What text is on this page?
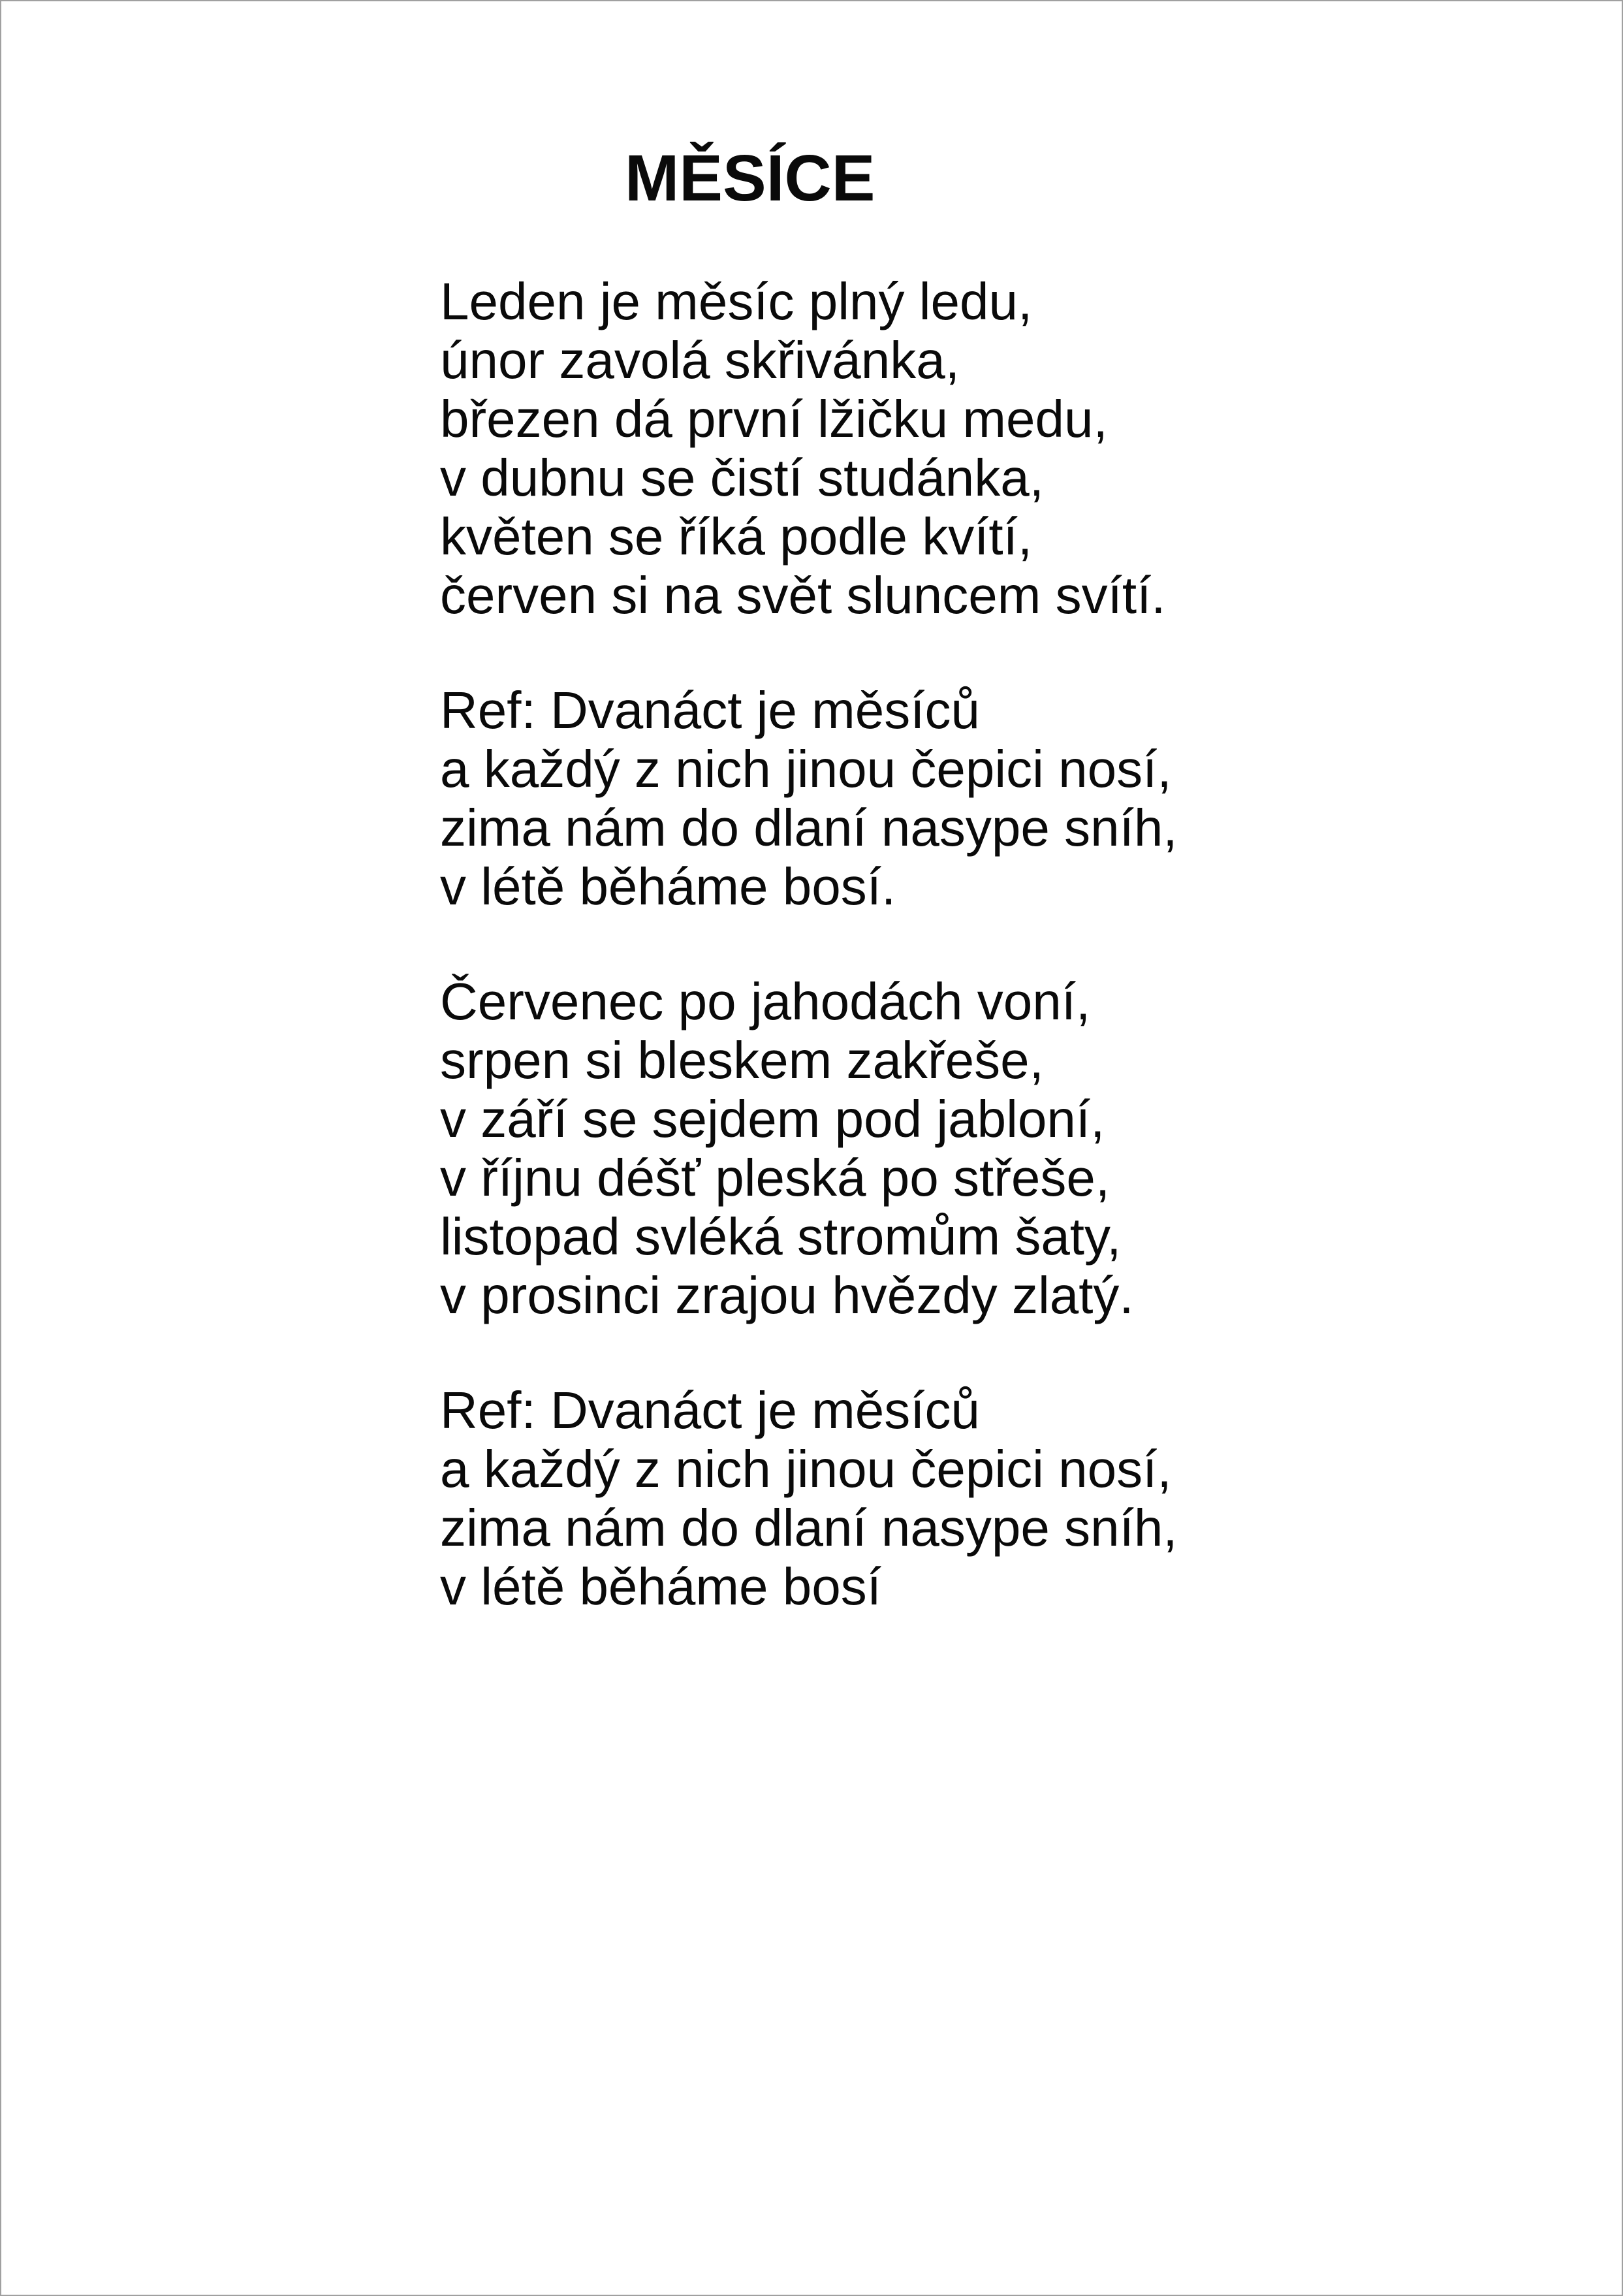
MĚSÍCE

Leden je měsíc plný ledu,
únor zavolá skřivánka,
březen dá první lžičku medu,
v dubnu se čistí studánka,
květen se říká podle kvítí,
červen si na svět sluncem svítí.

Ref: Dvanáct je měsíců
a každý z nich jinou čepici nosí,
zima nám do dlaní nasype sníh,
v létě běháme bosí.

Červenec po jahodách voní,
srpen si bleskem zakřeše,
v září se sejdem pod jabloní,
v říjnu déšť pleská po střeše,
listopad svléká stromům šaty,
v prosinci zrajou hvězdy zlatý.

Ref: Dvanáct je měsíců
a každý z nich jinou čepici nosí,
zima nám do dlaní nasype sníh,
v létě běháme bosí
